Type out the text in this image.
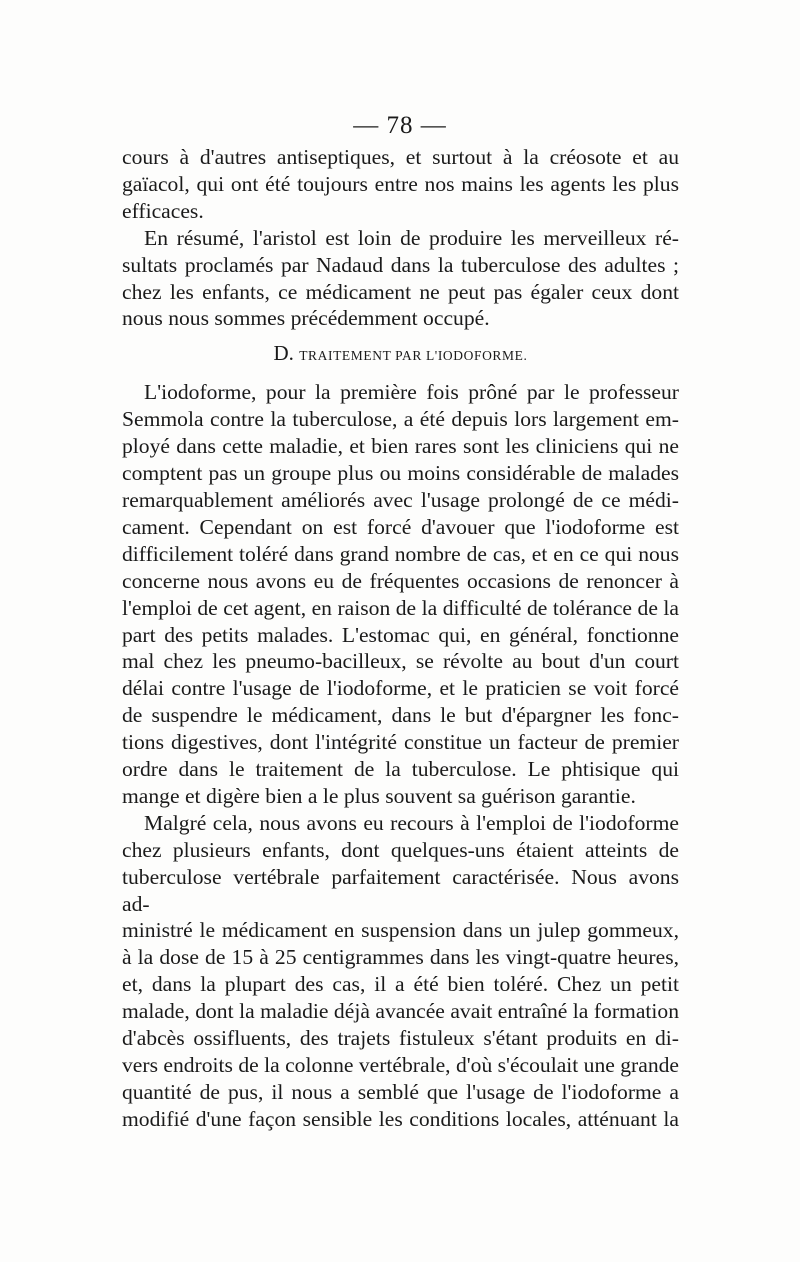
— 78 —

cours à d'autres antiseptiques, et surtout à la créosote et au

gaïacol, qui ont été toujours entre nos mains les agents les plus

efficaces.

En résumé, l'aristol est loin de produire les merveilleux ré-

sultats proclamés par Nadaud dans la tuberculose des adultes ;

chez les enfants, ce médicament ne peut pas égaler ceux dont

nous nous sommes précédemment occupé.

D. TRAITEMENT PAR L'IODOFORME.

L'iodoforme, pour la première fois prôné par le professeur

Semmola contre la tuberculose, a été depuis lors largement em-

ployé dans cette maladie, et bien rares sont les cliniciens qui ne

comptent pas un groupe plus ou moins considérable de malades

remarquablement améliorés avec l'usage prolongé de ce médi-

cament. Cependant on est forcé d'avouer que l'iodoforme est

difficilement toléré dans grand nombre de cas, et en ce qui nous

concerne nous avons eu de fréquentes occasions de renoncer à

l'emploi de cet agent, en raison de la difficulté de tolérance de la

part des petits malades. L'estomac qui, en général, fonctionne

mal chez les pneumo-bacilleux, se révolte au bout d'un court

délai contre l'usage de l'iodoforme, et le praticien se voit forcé

de suspendre le médicament, dans le but d'épargner les fonc-

tions digestives, dont l'intégrité constitue un facteur de premier

ordre dans le traitement de la tuberculose. Le phtisique qui

mange et digère bien a le plus souvent sa guérison garantie.

Malgré cela, nous avons eu recours à l'emploi de l'iodoforme

chez plusieurs enfants, dont quelques-uns étaient atteints de

tuberculose vertébrale parfaitement caractérisée. Nous avons ad-

ministré le médicament en suspension dans un julep gommeux,

à la dose de 15 à 25 centigrammes dans les vingt-quatre heures,

et, dans la plupart des cas, il a été bien toléré. Chez un petit

malade, dont la maladie déjà avancée avait entraîné la formation

d'abcès ossifluents, des trajets fistuleux s'étant produits en di-

vers endroits de la colonne vertébrale, d'où s'écoulait une grande

quantité de pus, il nous a semblé que l'usage de l'iodoforme a

modifié d'une façon sensible les conditions locales, atténuant la
